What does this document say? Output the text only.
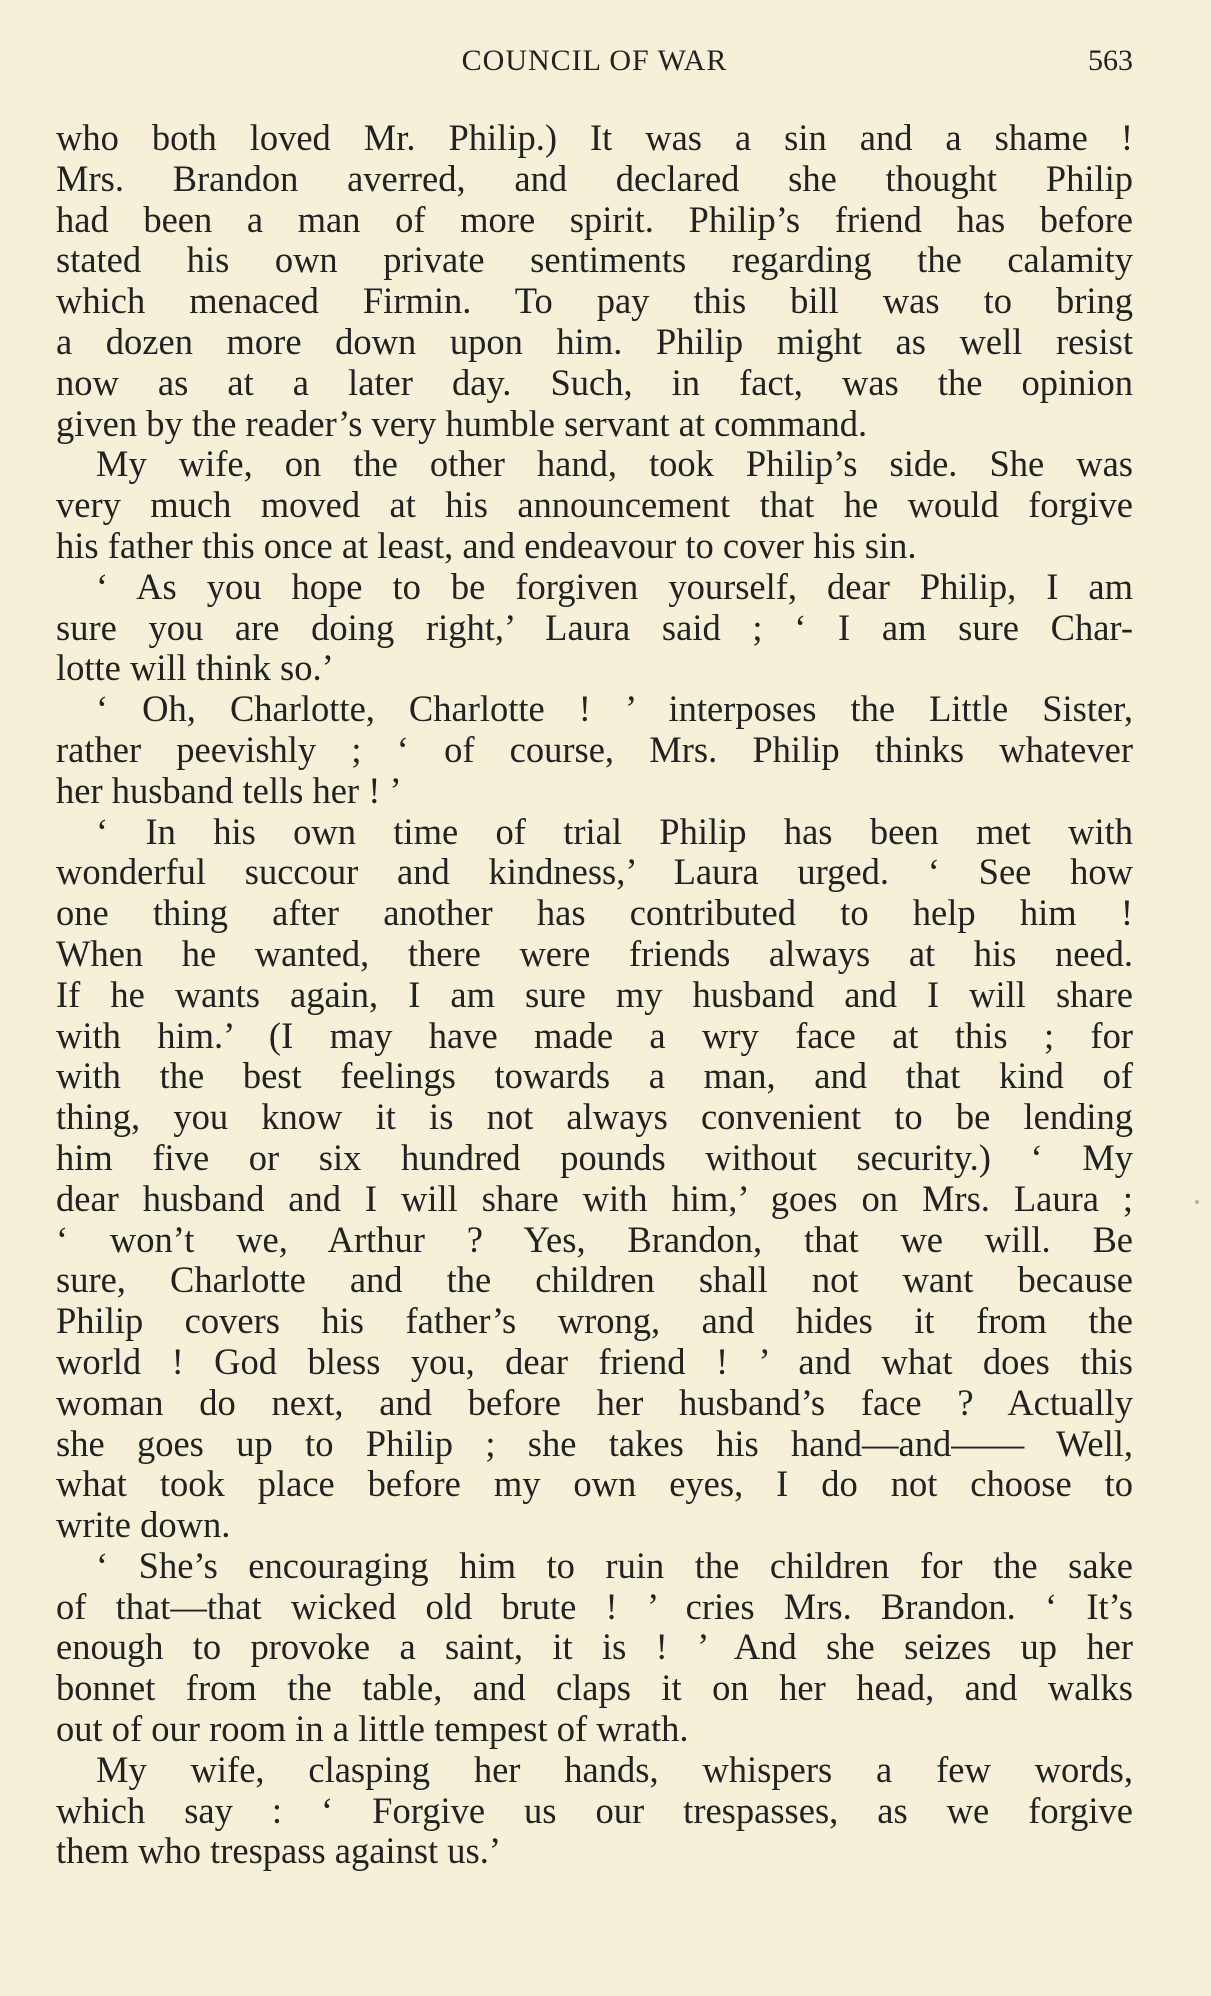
COUNCIL OF WAR	563
who both loved Mr. Philip.) It was a sin and a shame !
Mrs. Brandon averred, and declared she thought Philip
had been a man of more spirit. Philip’s friend has before
stated his own private sentiments regarding the calamity
which menaced Firmin. To pay this bill was to bring
a dozen more down upon him. Philip might as well resist
now as at a later day. Such, in fact, was the opinion
given by the reader’s very humble servant at command.
My wife, on the other hand, took Philip’s side. She was
very much moved at his announcement that he would forgive
his father this once at least, and endeavour to cover his sin.
‘ As you hope to be forgiven yourself, dear Philip, I am
sure you are doing right,’ Laura said ; ‘ I am sure Char-
lotte will think so.’
‘ Oh, Charlotte, Charlotte ! ’ interposes the Little Sister,
rather peevishly ; ‘ of course, Mrs. Philip thinks whatever
her husband tells her ! ’
‘ In his own time of trial Philip has been met with
wonderful succour and kindness,’ Laura urged. ‘ See how
one thing after another has contributed to help him !
When he wanted, there were friends always at his need.
If he wants again, I am sure my husband and I will share
with him.’ (I may have made a wry face at this ; for
with the best feelings towards a man, and that kind of
thing, you know it is not always convenient to be lending
him five or six hundred pounds without security.) ‘ My
dear husband and I will share with him,’ goes on Mrs. Laura ;
‘ won’t we, Arthur ? Yes, Brandon, that we will. Be
sure, Charlotte and the children shall not want because
Philip covers his father’s wrong, and hides it from the
world ! God bless you, dear friend ! ’ and what does this
woman do next, and before her husband’s face ? Actually
she goes up to Philip ; she takes his hand—and—— Well,
what took place before my own eyes, I do not choose to
write down.
‘ She’s encouraging him to ruin the children for the sake
of that—that wicked old brute ! ’ cries Mrs. Brandon. ‘ It’s
enough to provoke a saint, it is ! ’ And she seizes up her
bonnet from the table, and claps it on her head, and walks
out of our room in a little tempest of wrath.
My wife, clasping her hands, whispers a few words,
which say : ‘ Forgive us our trespasses, as we forgive
them who trespass against us.’
